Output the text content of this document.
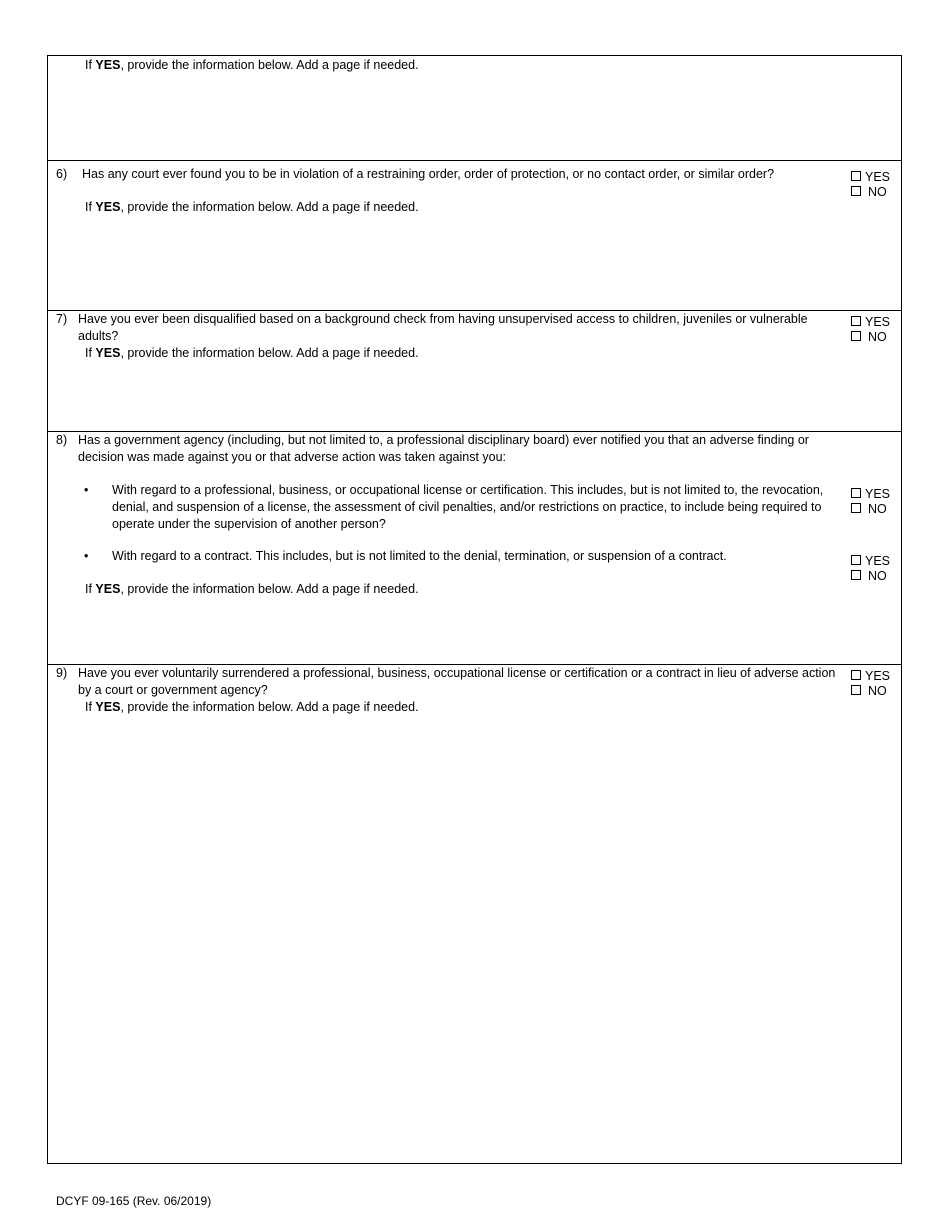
If YES, provide the information below. Add a page if needed.
6) Has any court ever found you to be in violation of a restraining order, order of protection, or no contact order, or similar order?	YES
NO
If YES, provide the information below. Add a page if needed.
7) Have you ever been disqualified based on a background check from having unsupervised access to children, juveniles or vulnerable adults?
YES
NO
If YES, provide the information below. Add a page if needed.
8) Has a government agency (including, but not limited to, a professional disciplinary board) ever notified you that an adverse finding or decision was made against you or that adverse action was taken against you:
• With regard to a professional, business, or occupational license or certification. This includes, but is not limited to, the revocation, denial, and suspension of a license, the assessment of civil penalties, and/or restrictions on practice, to include being required to operate under the supervision of another person?
YES
NO
• With regard to a contract. This includes, but is not limited to the denial, termination, or suspension of a contract.	YES
NO
If YES, provide the information below. Add a page if needed.
9) Have you ever voluntarily surrendered a professional, business, occupational license or certification or a contract in lieu of adverse action by a court or government agency?
YES
NO
If YES, provide the information below. Add a page if needed.
DCYF 09-165 (Rev. 06/2019)
